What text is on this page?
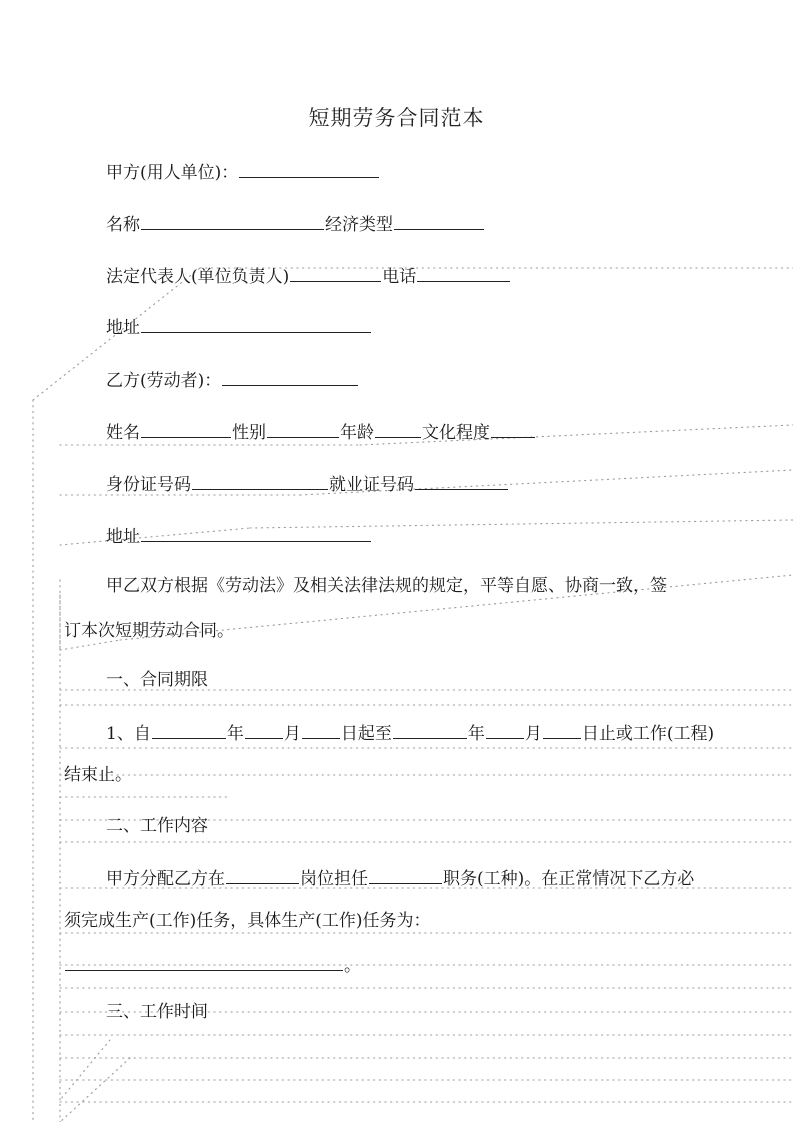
短期劳务合同范本
甲方(用人单位)：
名称	经济类型
法定代表人(单位负责人)	电话
地址
乙方(劳动者)：
姓名	性别	年龄	文化程度
身份证号码	就业证号码
地址
甲乙双方根据《劳动法》及相关法律法规的规定，平等自愿、协商一致，签
订本次短期劳动合同。
一、合同期限
1、自	年 月 日起至	年 月 日止或工作(工程)
结束止。
二、工作内容
甲方分配乙方在	岗位担任	职务(工种)。在正常情况下乙方必
须完成生产(工作)任务，具体生产(工作)任务为：
。
三、工作时间
